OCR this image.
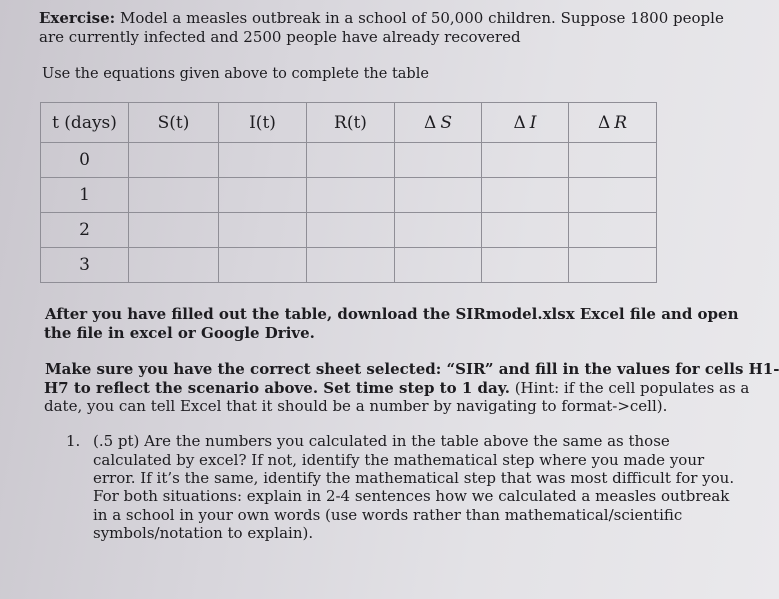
Exercise: Model a measles outbreak in a school of 50,000 children. Suppose 1800 people
are currently infected and 2500 people have already recovered
Use the equations given above to complete the table
t (days)	S(t)	I(t)	R(t)	Δ S	Δ I	Δ R
0						
1						
2						
3						
After you have filled out the table, download the SIRmodel.xlsx Excel file and open
the file in excel or Google Drive.
Make sure you have the correct sheet selected: “SIR” and fill in the values for cells H1-
H7 to reflect the scenario above. Set time step to 1 day. (Hint: if the cell populates as a
date, you can tell Excel that it should be a number by navigating to format->cell).
1. (.5 pt) Are the numbers you calculated in the table above the same as those
calculated by excel? If not, identify the mathematical step where you made your
error. If it’s the same, identify the mathematical step that was most difficult for you.
For both situations: explain in 2-4 sentences how we calculated a measles outbreak
in a school in your own words (use words rather than mathematical/scientific
symbols/notation to explain).
